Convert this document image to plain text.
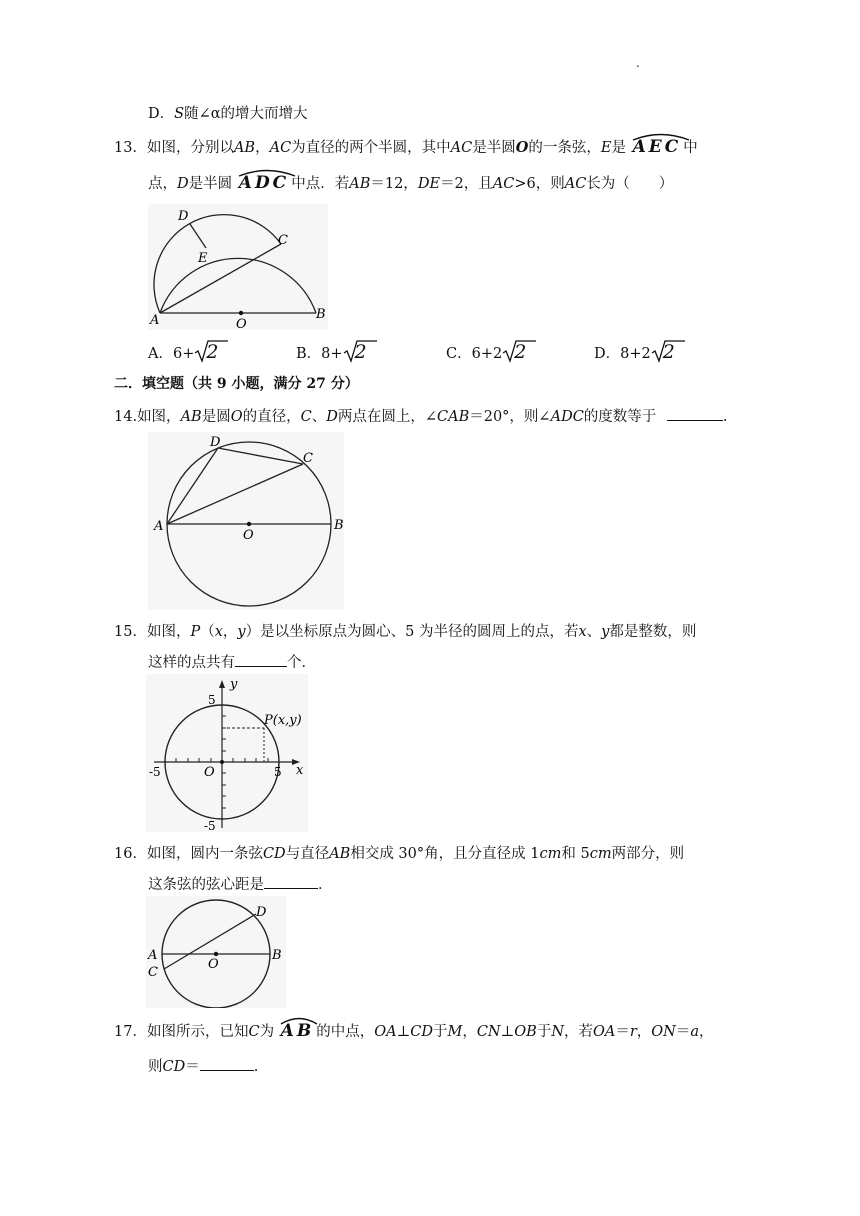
.
D．S随∠α的增大而增大
13．如图，分别以AB，AC为直径的两个半圆，其中AC是半圆O的一条弦，E是 AEC 中
点，D是半圆 ADC 中点．若AB＝12，DE＝2，且AC>6，则AC长为（　　）
D
E
C
A	O
B
A．6+ 2	B．8+ 2	C．6+2 2	D．8+2 2
二．填空题（共 9 小题，满分 27 分）
14.如图，AB是圆O的直径，C、D两点在圆上，∠CAB＝20°，则∠ADC的度数等于	.
D
C
A
O
B
15．如图，P（x，y）是以坐标原点为圆心、5 为半径的圆周上的点，若x、y都是整数，则
这样的点共有	个．
y
x
5
5
-5
-5
O
P(x,y)
16．如图，圆内一条弦CD与直径AB相交成 30°角，且分直径成 1cm和 5cm两部分，则
这条弦的弦心距是	．
D
A
C
O
B
17．如图所示，已知C为 AB 的中点，OA⊥CD于M，CN⊥OB于N，若OA＝r，ON＝a，
则CD＝	.
